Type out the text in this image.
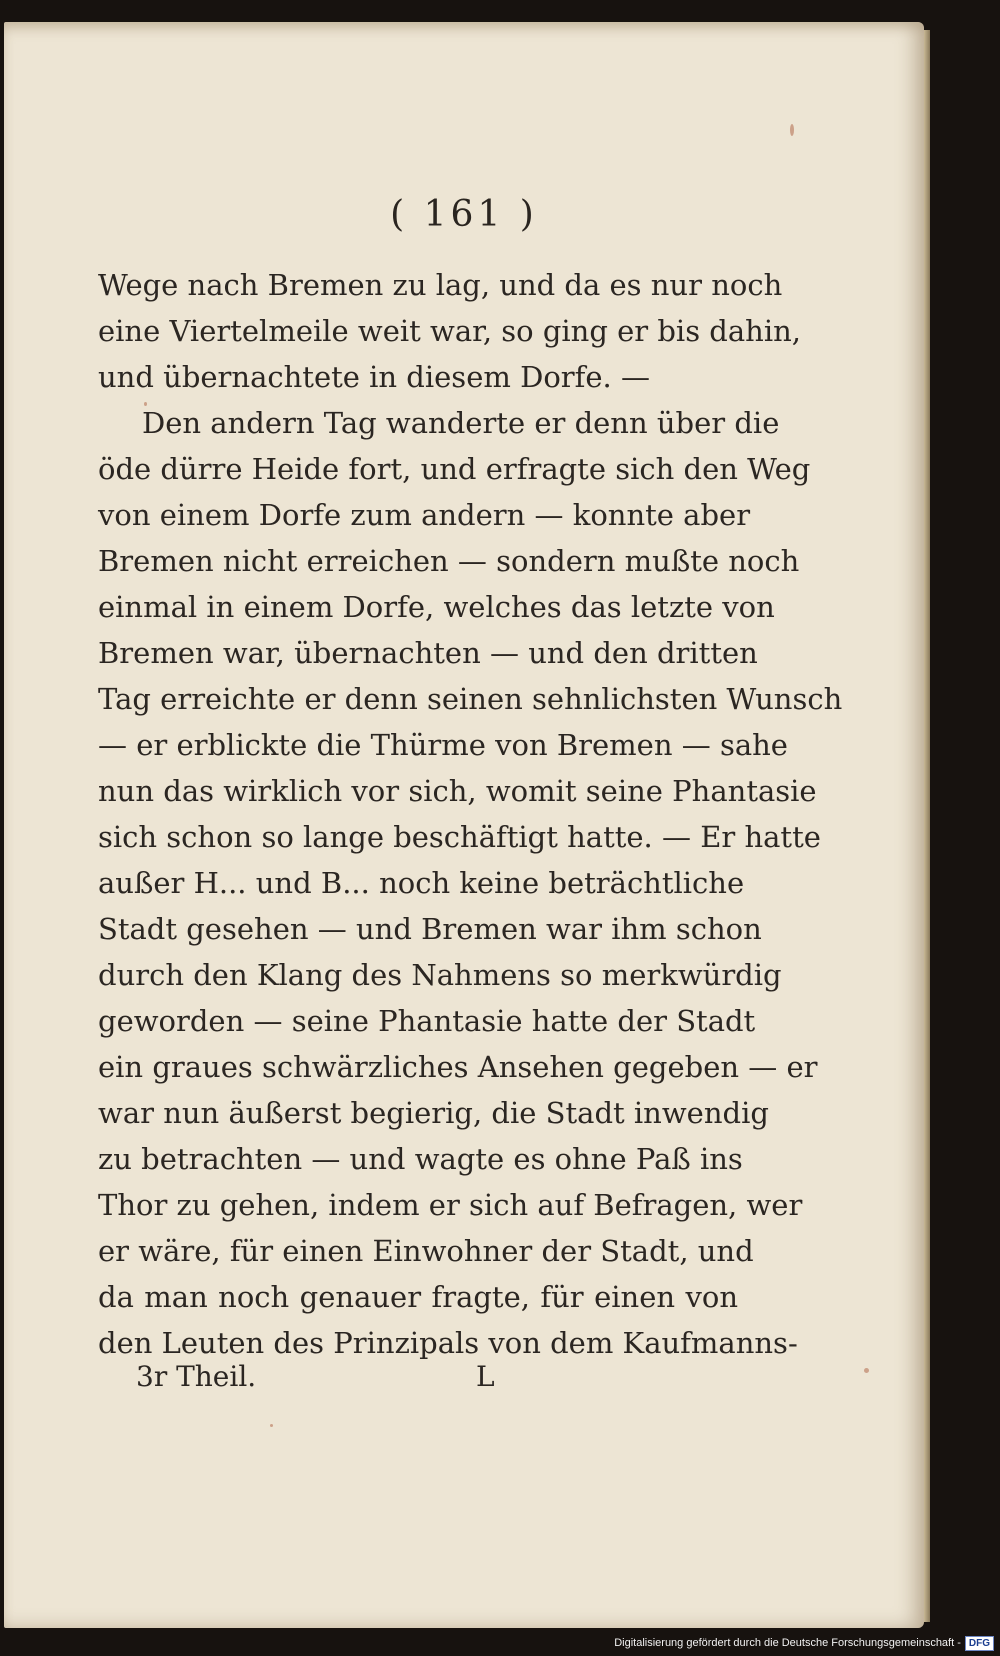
( 161 )
Wege nach Bremen zu lag, und da es nur noch
eine Viertelmeile weit war, so ging er bis dahin,
und übernachtete in diesem Dorfe. —
Den andern Tag wanderte er denn über die
öde dürre Heide fort, und erfragte sich den Weg
von einem Dorfe zum andern — konnte aber
Bremen nicht erreichen — sondern mußte noch
einmal in einem Dorfe, welches das letzte von
Bremen war, übernachten — und den dritten
Tag erreichte er denn seinen sehnlichsten Wunsch
— er erblickte die Thürme von Bremen — sahe
nun das wirklich vor sich, womit seine Phantasie
sich schon so lange beschäftigt hatte. — Er hatte
außer H... und B... noch keine beträchtliche
Stadt gesehen — und Bremen war ihm schon
durch den Klang des Nahmens so merkwürdig
geworden — seine Phantasie hatte der Stadt
ein graues schwärzliches Ansehen gegeben — er
war nun äußerst begierig, die Stadt inwendig
zu betrachten — und wagte es ohne Paß ins
Thor zu gehen, indem er sich auf Befragen, wer
er wäre, für einen Einwohner der Stadt, und
da man noch genauer fragte, für einen von
den Leuten des Prinzipals von dem Kaufmanns-
3r Theil.	L
Digitalisierung gefördert durch die Deutsche Forschungsgemeinschaft - DFG
